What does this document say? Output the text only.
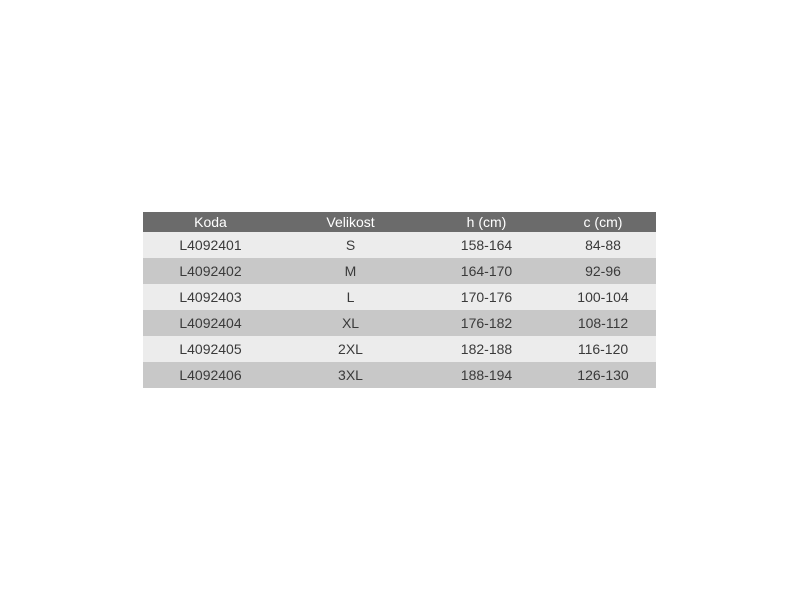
Koda	Velikost	h (cm)	c (cm)
L4092401	S	158-164	84-88
L4092402	M	164-170	92-96
L4092403	L	170-176	100-104
L4092404	XL	176-182	108-112
L4092405	2XL	182-188	116-120
L4092406	3XL	188-194	126-130
